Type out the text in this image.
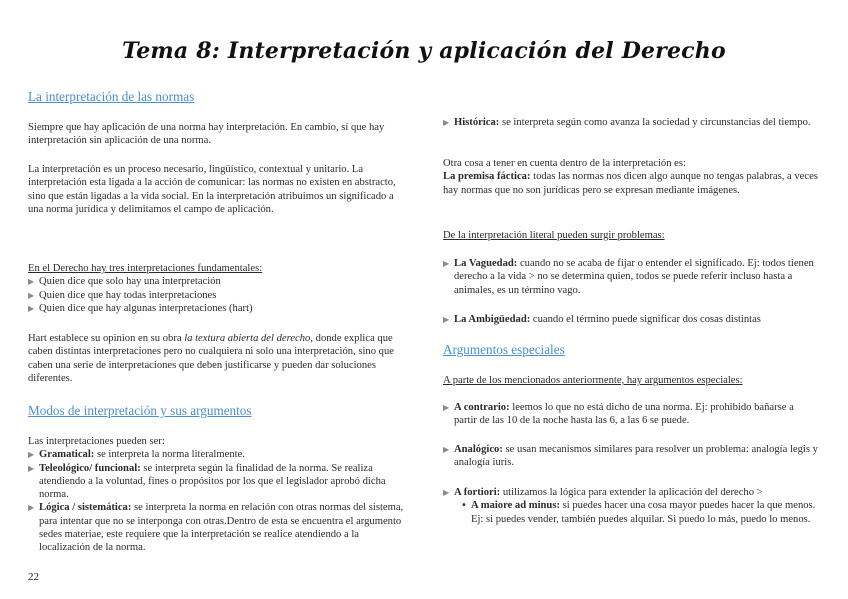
Tema 8: Interpretación y aplicación del Derecho
La interpretación de las normas

Siempre que hay aplicación de una norma hay interpretación. En cambio, sí que hay interpretación sin aplicación de una norma.

La interpretación es un proceso necesario, lingüístico, contextual y unitario. La interpretación esta ligada a la acción de comunicar: las normas no existen en abstracto, sino que están ligadas a la vida social. En la interpretación atribuimos un significado a una norma jurídica y delimitamos el campo de aplicación.

En el Derecho hay tres interpretaciones fundamentales:
▶ Quien dice que solo hay una interpretación
▶ Quien dice que hay todas interpretaciones
▶ Quien dice que hay algunas interpretaciones (hart)

Hart establece su opinion en su obra la textura abierta del derecho, donde explica que caben distintas interpretaciones pero no cualquiera ni solo una interpretación, sino que caben una serie de interpretaciones que deben justificarse y pueden dar soluciones diferentes.

Modos de interpretación y sus argumentos
Las interpretaciones pueden ser:
▶ Gramatical: se interpreta la norma literalmente.
▶ Teleológico/ funcional: se interpreta según la finalidad de la norma. Se realiza atendiendo a la voluntad, fines o propósitos por los que el legislador aprobó dicha norma.
▶ Lógica / sistemática: se interpreta la norma en relación con otras normas del sistema, para intentar que no se interponga con otras.Dentro de esta se encuentra el argumento sedes materiae, este requiere que la interpretación se realice atendiendo a la localización de la norma.
▶ Histórica: se interpreta según como avanza la sociedad y circunstancias del tiempo.
Otra cosa a tener en cuenta dentro de la interpretación es:
La premisa fáctica: todas las normas nos dicen algo aunque no tengas palabras, a veces hay normas que no son jurídicas pero se expresan mediante imágenes.
De la interpretación literal pueden surgir problemas:
▶ La Vaguedad: cuando no se acaba de fijar o entender el significado. Ej: todos tienen derecho a la vida > no se determina quien, todos se puede referir incluso hasta a animales, es un término vago.
▶ La Ambigüedad: cuando el término puede significar dos cosas distintas
Argumentos especiales
A parte de los mencionados anteriormente, hay argumentos especiales:
▶ A contrario: leemos lo que no está dicho de una norma. Ej: prohibido bañarse a partir de las 10 de la noche hasta las 6, a las 6 se puede.
▶ Analógico: se usan mecanismos similares para resolver un problema: analogía legis y analogía iuris.
▶ A fortiori: utilizamos la lógica para extender la aplicación del derecho >
• A maiore ad minus: si puedes hacer una cosa mayor puedes hacer la que menos. Ej: si puedes vender, también puedes alquilar. Si puedo lo más, puedo lo menos.
22
